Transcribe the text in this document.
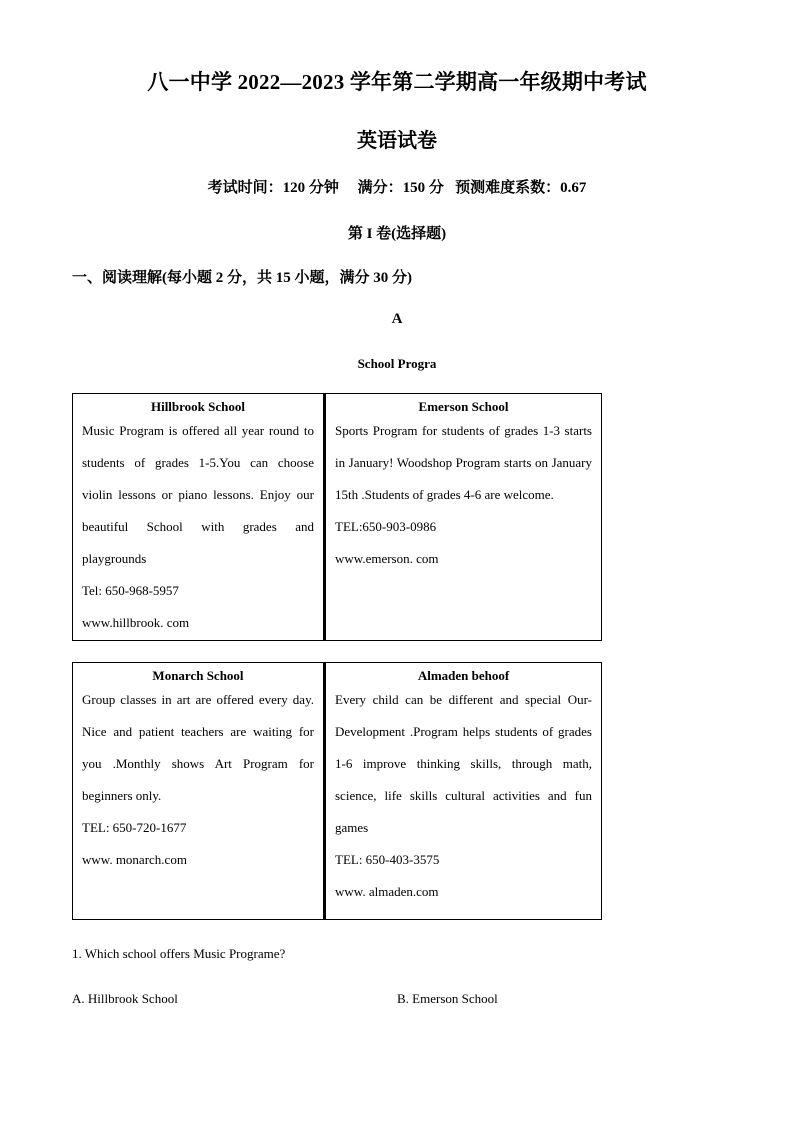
八一中学 2022—2023 学年第二学期高一年级期中考试
英语试卷
考试时间：120 分钟 满分：150 分 预测难度系数：0.67
第 I 卷(选择题)
一、阅读理解(每小题 2 分，共 15 小题，满分 30 分)
A
School Progra
Hillbrook School
Music Program is offered all year round to students of grades 1-5.You can choose violin lessons or piano lessons. Enjoy our beautiful School with grades and playgrounds
Tel: 650-968-5957
www.hillbrook. com
Emerson School
Sports Program for students of grades 1-3 starts in January! Woodshop Program starts on January 15th .Students of grades 4-6 are welcome.
TEL:650-903-0986
www.emerson. com
Monarch School
Group classes in art are offered every day. Nice and patient teachers are waiting for you .Monthly shows Art Program for beginners only.
TEL: 650-720-1677
www. monarch.com
Almaden behoof
Every child can be different and special Our-Development .Program helps students of grades 1-6 improve thinking skills, through math, science, life skills cultural activities and fun games
TEL: 650-403-3575
www. almaden.com
1. Which school offers Music Programe?
A. Hillbrook School	B. Emerson School
